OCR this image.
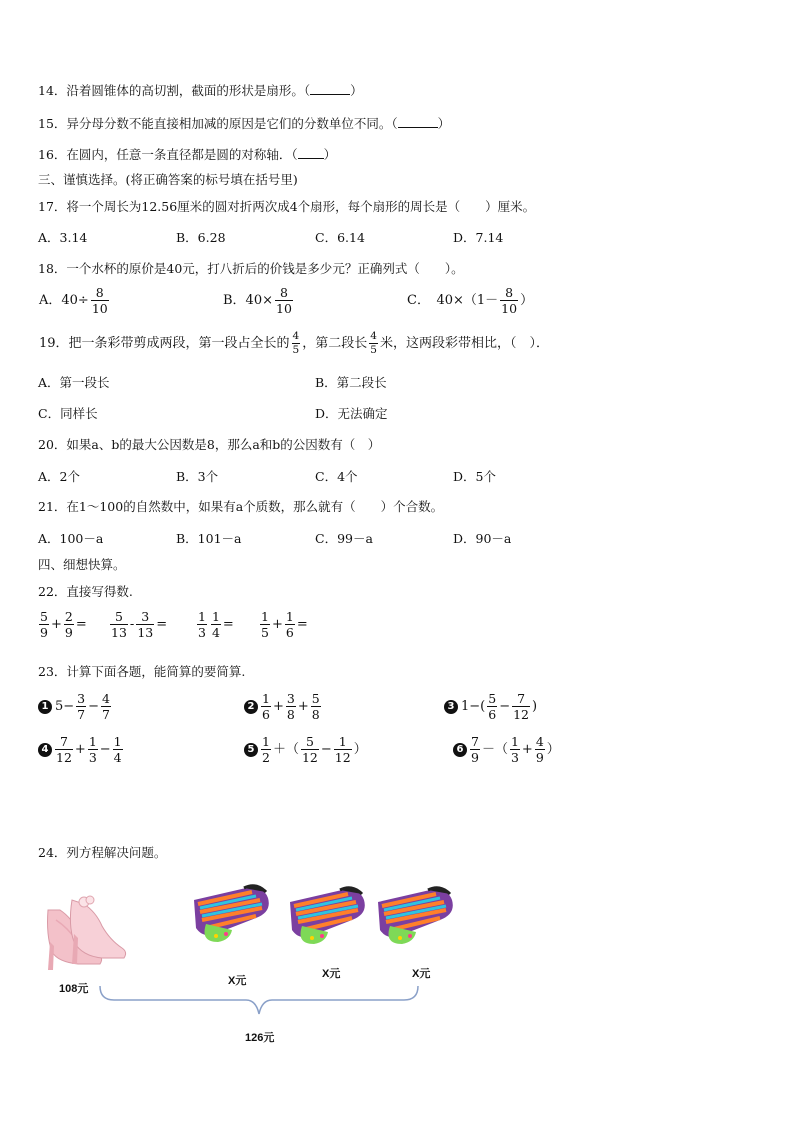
14．沿着圆锥体的高切割，截面的形状是扇形。（	）
15．异分母分数不能直接相加减的原因是它们的分数单位不同。（	）
16．在圆内，任意一条直径都是圆的对称轴．（ ）
三、谨慎选择。(将正确答案的标号填在括号里)
17．将一个周长为12.56厘米的圆对折两次成4个扇形，每个扇形的周长是（　　）厘米。
A．3.14	B．6.28	C．6.14	D．7.14
18．一个水杯的原价是40元，打八折后的价钱是多少元？正确列式（　　）。
A．$40\div \frac{8}{10}$	B．$40\times \frac{8}{10}$	C．　$40\times(1- \frac{8}{10}$ ）
19．把一条彩带剪成两段，第一段占全长的 $\frac{4}{5}$ ，第二段长 $\frac{4}{5}$ 米，这两段彩带相比，（　）．
A．第一段长	B．第二段长
C．同样长	D．无法确定
20．如果a、b的最大公因数是8，那么a和b的公因数有（　）
A．2个	B．3个	C．4个	D．5个
21．在1～100的自然数中，如果有a个质数，那么就有（　　）个合数。
A．100－a	B．101－a	C．99－a	D．90－a
四、细想快算。
22．直接写得数.
$\frac{5}{9} + \frac{2}{9} = \frac{5}{13} - \frac{3}{13} = \frac{1}{3} \frac{1}{4} = \frac{1}{5} + \frac{1}{6}$ =
23．计算下面各题，能简算的要简算.
1 $5- \frac{3}{7} - \frac{4}{7}$	$2 \frac{1}{6} + \frac{3}{8} + \frac{5}{8}$	3 $1-( \frac{5}{6} - \frac{7}{12}$ )
$4 \frac{7}{12} + \frac{1}{3} - \frac{1}{4}$	$5 \frac{1}{2}$ ＋（ $\frac{5}{12} - \frac{1}{12}$ ）	$6 \frac{7}{9}$ －（ $\frac{1}{3} + \frac{4}{9}$ ）
24．列方程解决问题。
108元
X元
X元	X元
126元
